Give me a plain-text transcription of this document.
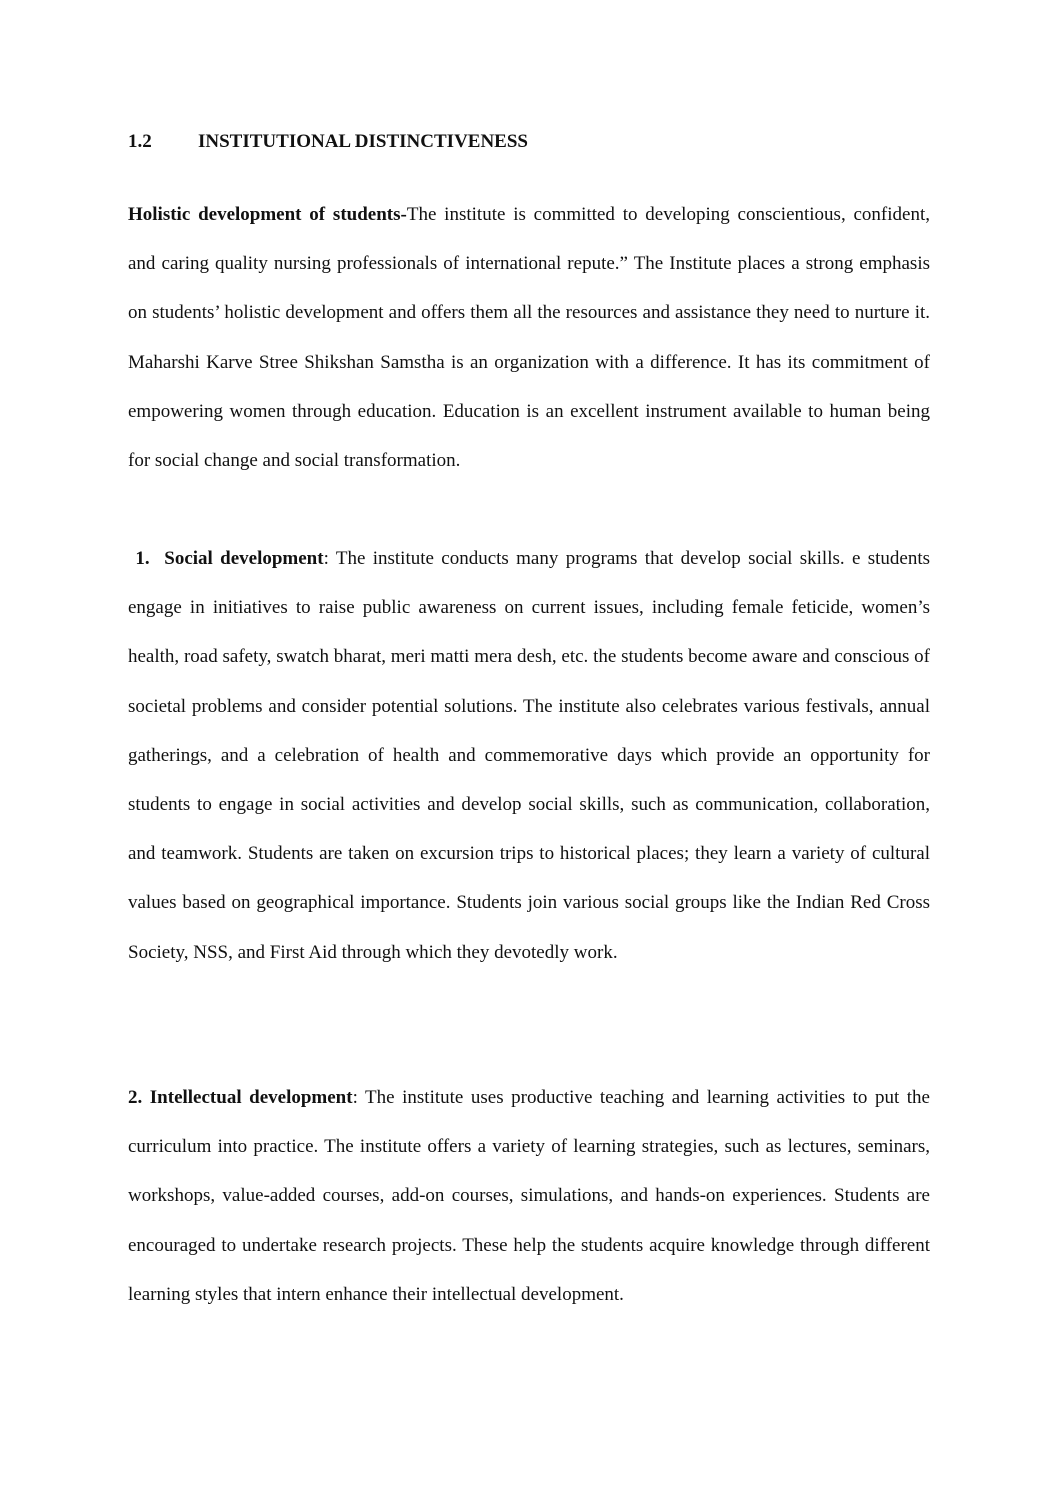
1.2 INSTITUTIONAL DISTINCTIVENESS

Holistic development of students-The institute is committed to developing conscientious, confident, and caring quality nursing professionals of international repute.” The Institute places a strong emphasis on students’ holistic development and offers them all the resources and assistance they need to nurture it. Maharshi Karve Stree Shikshan Samstha is an organization with a difference. It has its commitment of empowering women through education. Education is an excellent instrument available to human being for social change and social transformation.

1.  Social development: The institute conducts many programs that develop social skills. e students engage in initiatives to raise public awareness on current issues, including female feticide, women’s health, road safety, swatch bharat, meri matti mera desh, etc. the students become aware and conscious of societal problems and consider potential solutions. The institute also celebrates various festivals, annual gatherings, and a celebration of health and commemorative days which provide an opportunity for students to engage in social activities and develop social skills, such as communication, collaboration, and teamwork. Students are taken on excursion trips to historical places; they learn a variety of cultural values based on geographical importance. Students join various social groups like the Indian Red Cross Society, NSS, and First Aid through which they devotedly work.

2. Intellectual development: The institute uses productive teaching and learning activities to put the curriculum into practice. The institute offers a variety of learning strategies, such as lectures, seminars, workshops, value-added courses, add-on courses, simulations, and hands-on experiences. Students are encouraged to undertake research projects. These help the students acquire knowledge through different learning styles that intern enhance their intellectual development.
